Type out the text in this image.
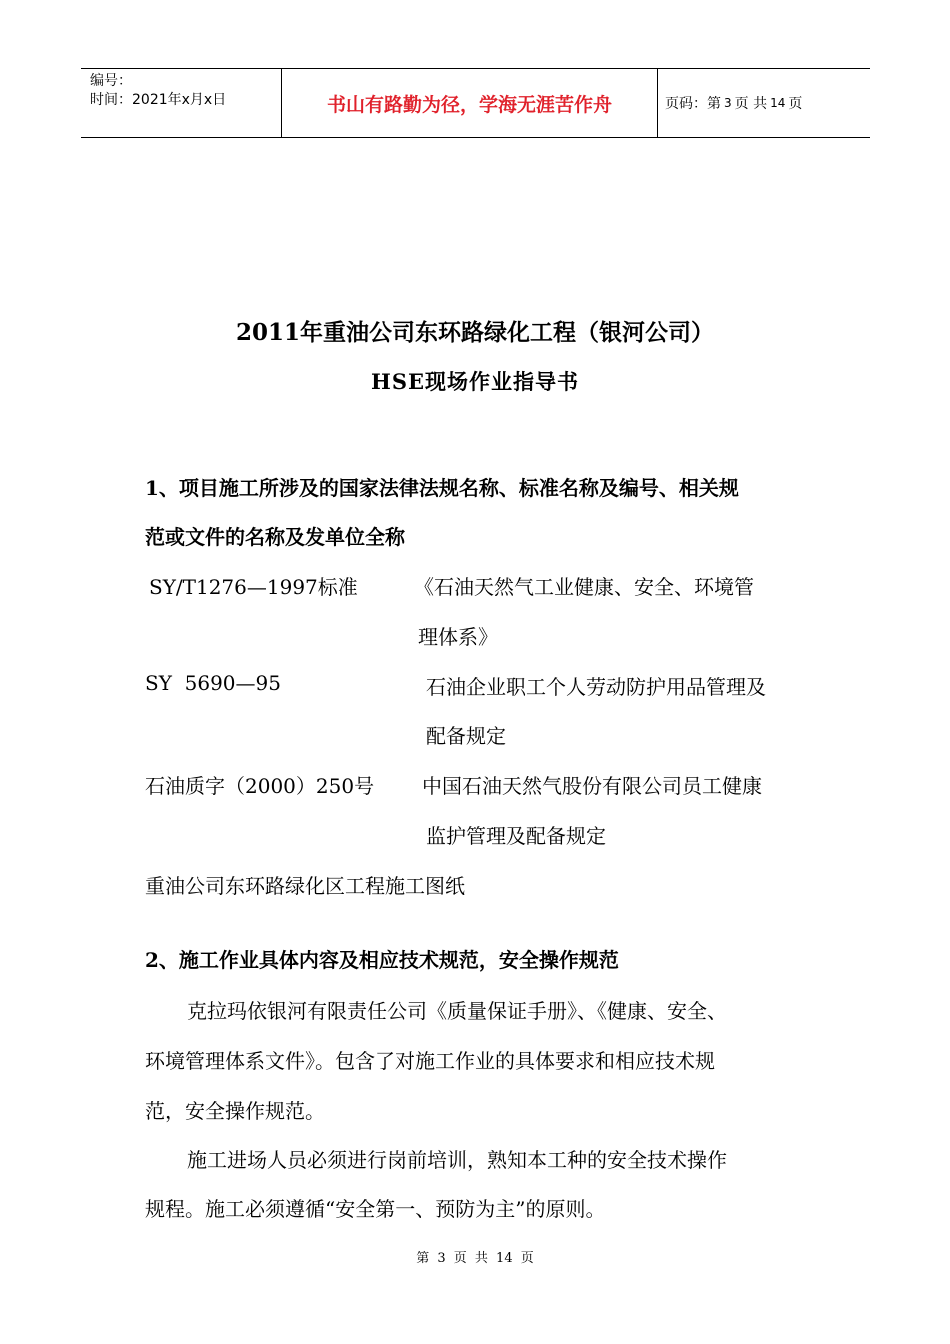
编号：
时间：2021年x月x日	书山有路勤为径，学海无涯苦作舟	页码：第 3 页 共 14 页
2011年重油公司东环路绿化工程（银河公司）
HSE现场作业指导书
1、项目施工所涉及的国家法律法规名称、标准名称及编号、相关规
范或文件的名称及发单位全称
SY/T1276—1997标准	《石油天然气工业健康、安全、环境管
理体系》
SY  5690—95	石油企业职工个人劳动防护用品管理及
配备规定
石油质字（2000）250号 中国石油天然气股份有限公司员工健康
监护管理及配备规定
重油公司东环路绿化区工程施工图纸
2、施工作业具体内容及相应技术规范，安全操作规范
克拉玛依银河有限责任公司《质量保证手册》、《健康、安全、
环境管理体系文件》。包含了对施工作业的具体要求和相应技术规
范，安全操作规范。
施工进场人员必须进行岗前培训，熟知本工种的安全技术操作
规程。施工必须遵循“安全第一、预防为主”的原则。
第 3 页 共 14 页
